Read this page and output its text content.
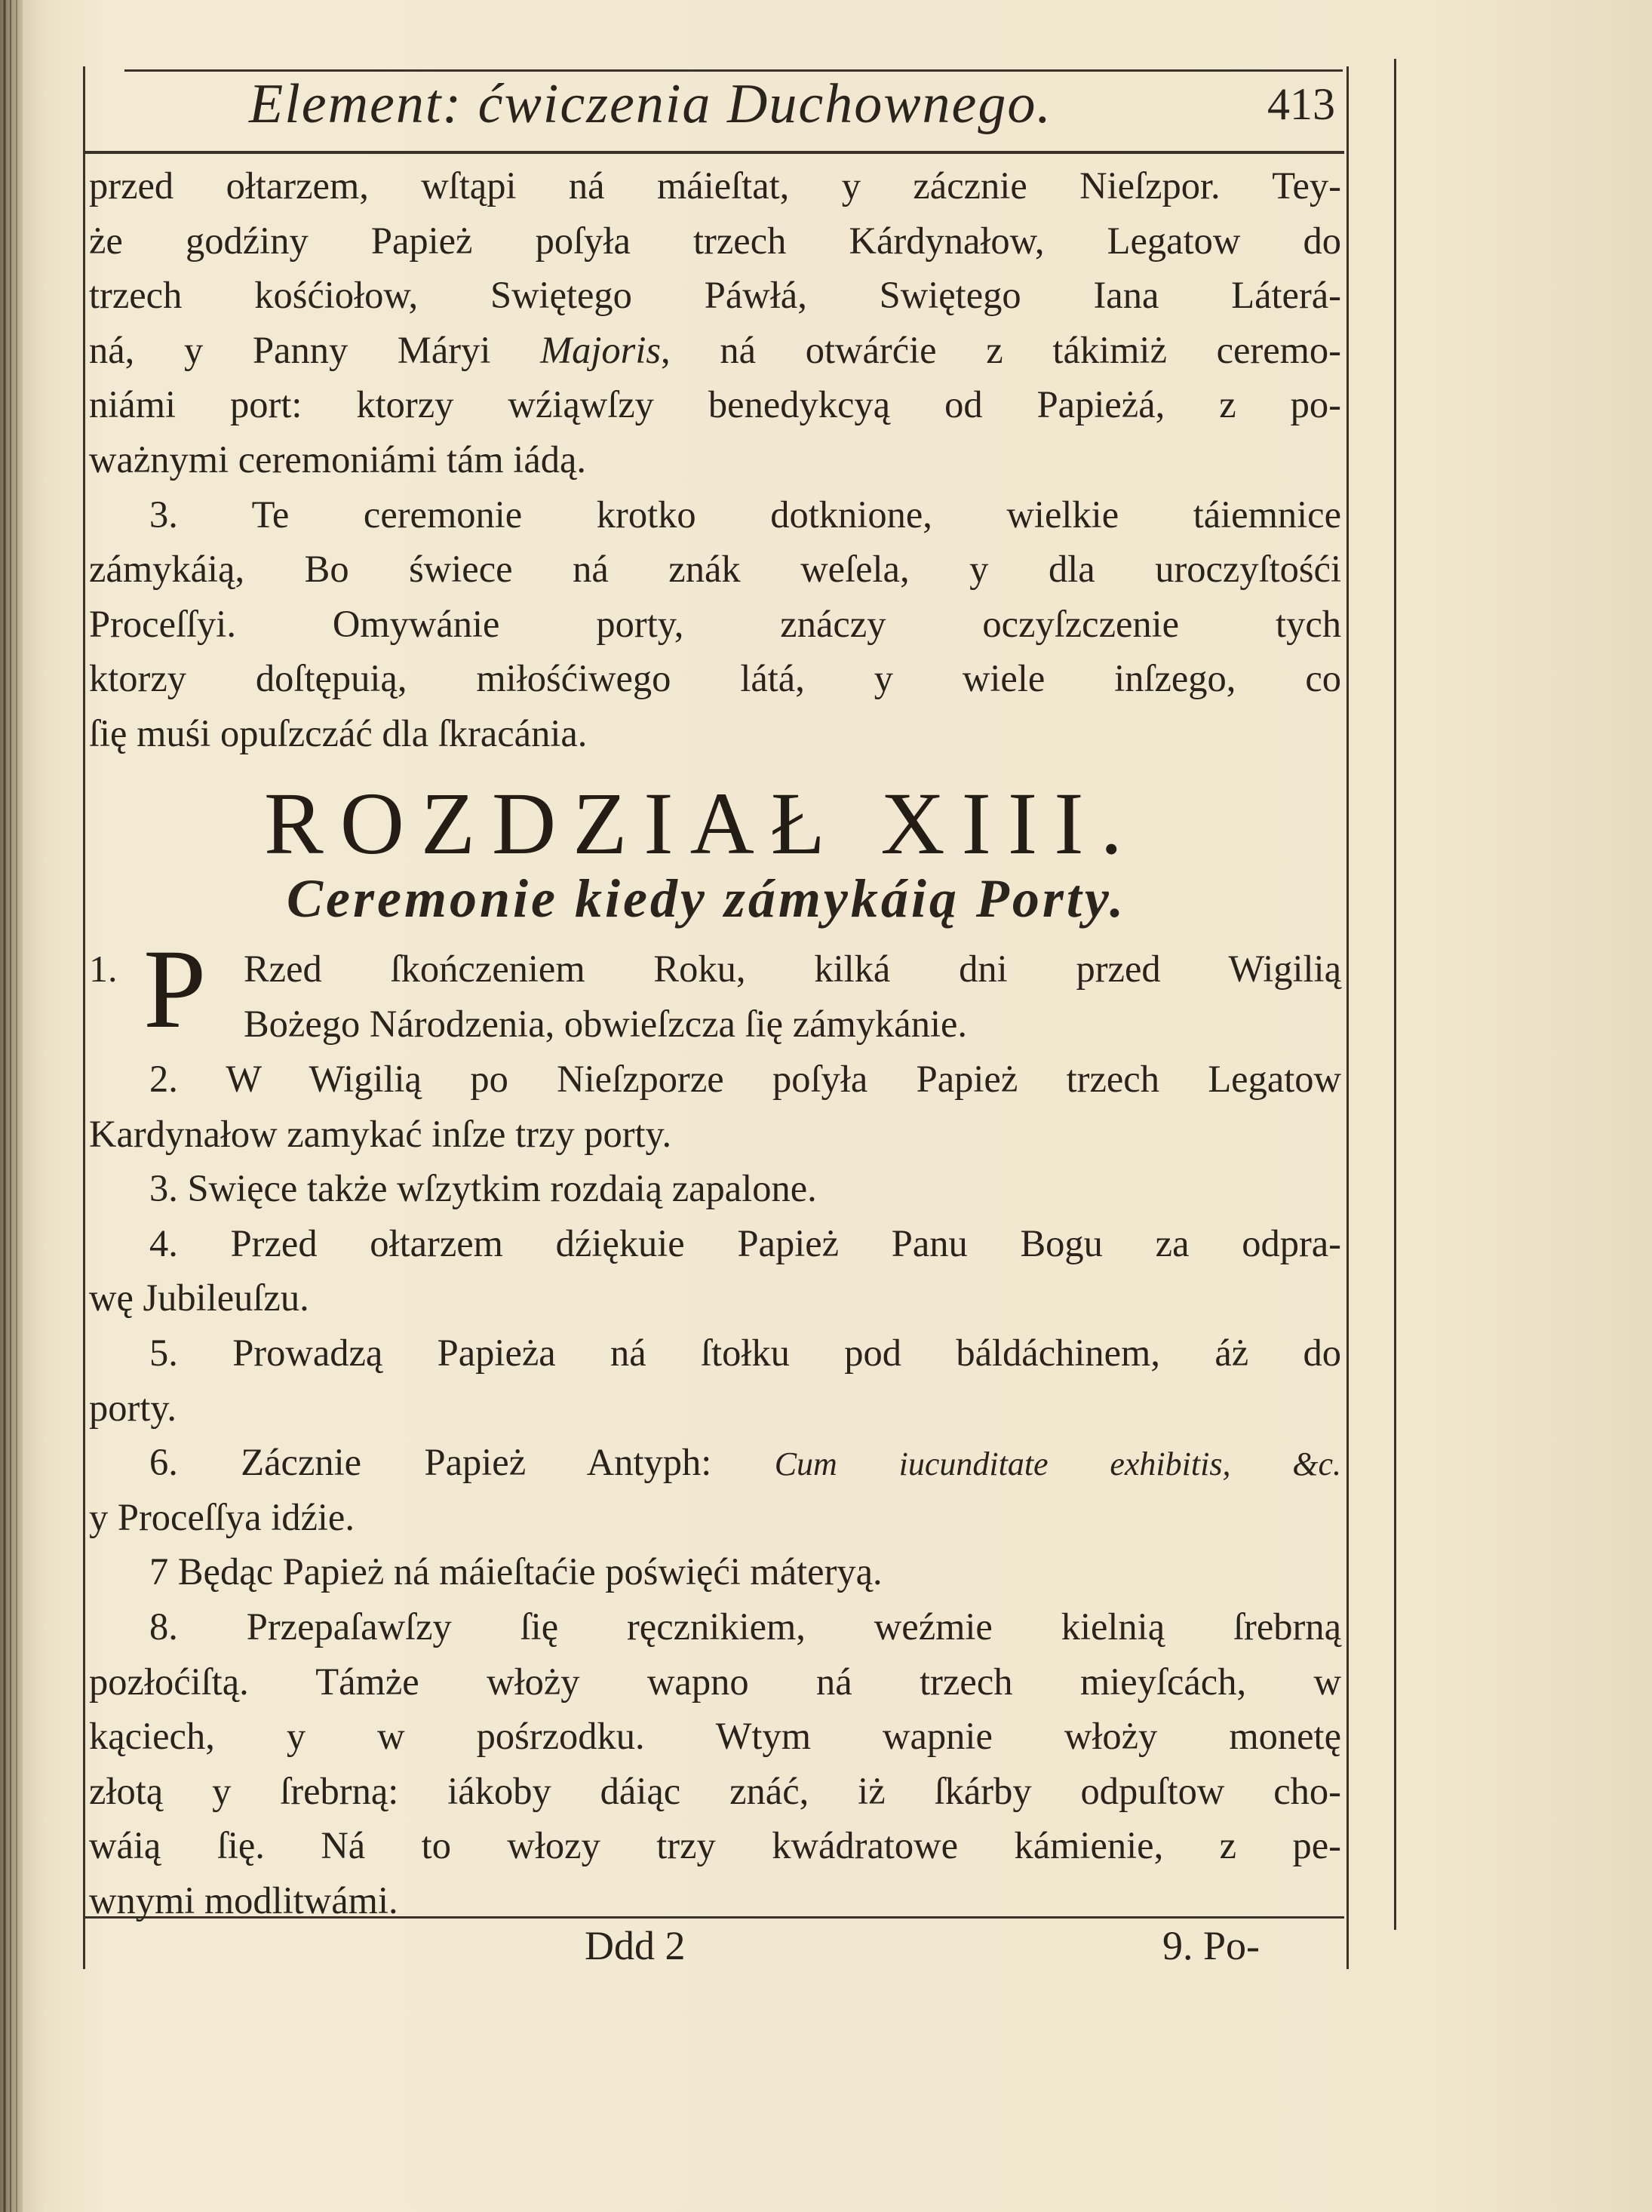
Element: ćwiczenia Duchownego.	413
przed ołtarzem, wſtąpi ná máieſtat, y zácznie Nieſzpor. Tey-
że godźiny Papież poſyła trzech Kárdynałow, Legatow do
trzech kośćiołow, Swiętego Páwłá, Swiętego Iana Láterá-
ná, y Panny Máryi Majoris, ná otwárćie z tákimiż ceremo-
niámi port: ktorzy wźiąwſzy benedykcyą od Papieżá, z po-
ważnymi ceremoniámi tám iádą.
3. Te ceremonie krotko dotknione, wielkie táiemnice
zámykáią, Bo świece ná znák weſela, y dla uroczyſtośći
Proceſſyi. Omywánie porty, znáczy oczyſzczenie tych
ktorzy doſtępuią, miłośćiwego látá, y wiele inſzego, co
ſię muśi opuſzczáć dla ſkracánia.
ROZDZIAŁ XIII.
Ceremonie kiedy zámykáią Porty.
1. P Rzed ſkończeniem Roku, kilká dni przed Wigilią
Bożego Národzenia, obwieſzcza ſię zámykánie.
2. W Wigilią po Nieſzporze poſyła Papież trzech Legatow
Kardynałow zamykać inſze trzy porty.
3. Swięce także wſzytkim rozdaią zapalone.
4. Przed ołtarzem dźiękuie Papież Panu Bogu za odpra-
wę Jubileuſzu.
5. Prowadzą Papieża ná ſtołku pod báldáchinem, áż do
porty.
6. Zácznie Papież Antyph: Cum iucunditate exhibitis, &c.
y Proceſſya idźie.
7 Będąc Papież ná máieſtaćie poświęći máteryą.
8. Przepaſawſzy ſię ręcznikiem, weźmie kielnią ſrebrną
pozłoćiſtą. Támże włoży wapno ná trzech mieyſcách, w
kąciech, y w pośrzodku. Wtym wapnie włoży monetę
złotą y ſrebrną: iákoby dáiąc znáć, iż ſkárby odpuſtow cho-
wáią ſię. Ná to włozy trzy kwádratowe kámienie, z pe-
wnymi modlitwámi.
Ddd 2	9. Po-
